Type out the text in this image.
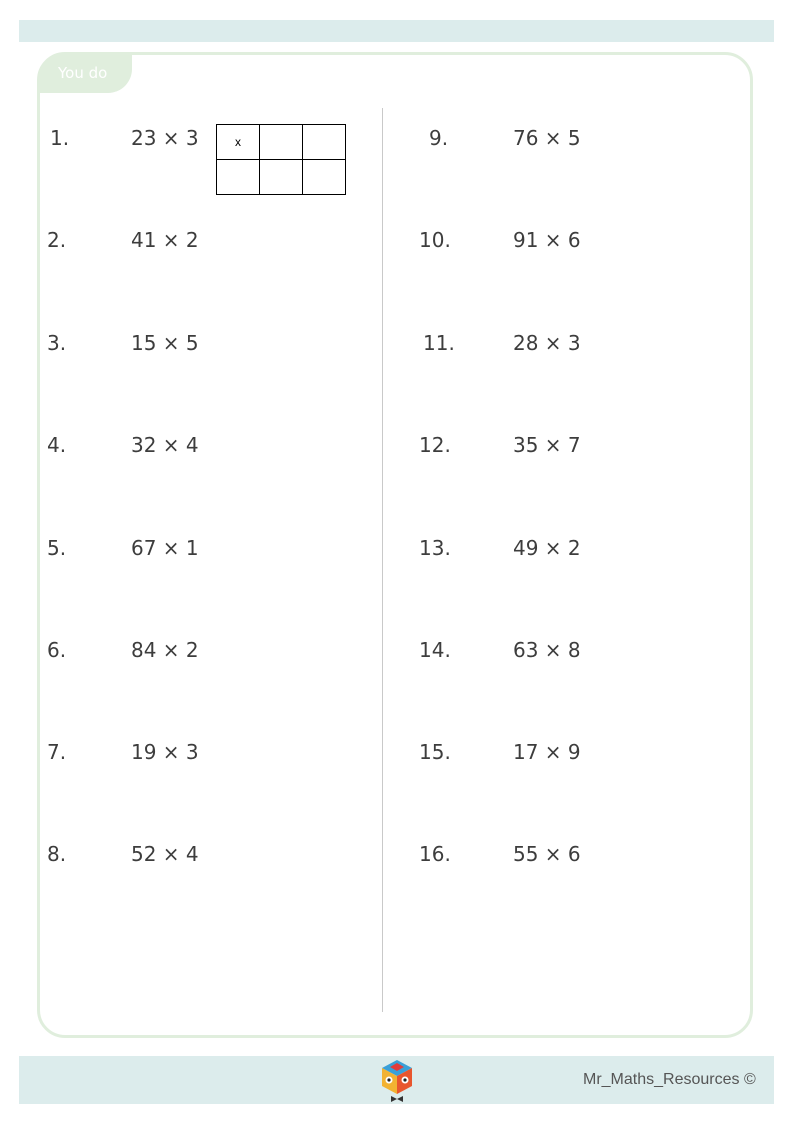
You do
1.	23 × 3
2.	41 × 2
3.	15 × 5
4.	32 × 4
5.	67 × 1
6.	84 × 2
7.	19 × 3
8.	52 × 4
x		
			9.	76 × 5
10.	91 × 6
11.	28 × 3
12.	35 × 7
13.	49 × 2
14.	63 × 8
15.	17 × 9
16.	55 × 6
Mr_Maths_Resources ©
